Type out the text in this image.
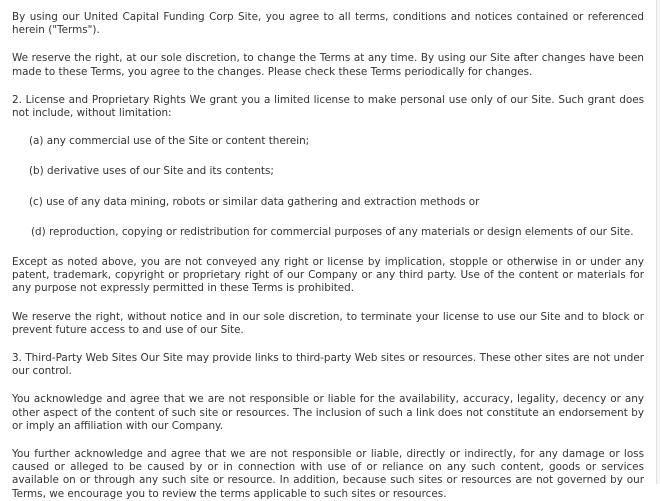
By using our United Capital Funding Corp Site, you agree to all terms, conditions and notices contained or referenced herein ("Terms").

We reserve the right, at our sole discretion, to change the Terms at any time. By using our Site after changes have been made to these Terms, you agree to the changes. Please check these Terms periodically for changes.

2. License and Proprietary Rights We grant you a limited license to make personal use only of our Site. Such grant does not include, without limitation:

(a) any commercial use of the Site or content therein;

(b) derivative uses of our Site and its contents;

(c) use of any data mining, robots or similar data gathering and extraction methods or

(d) reproduction, copying or redistribution for commercial purposes of any materials or design elements of our Site.

Except as noted above, you are not conveyed any right or license by implication, stopple or otherwise in or under any patent, trademark, copyright or proprietary right of our Company or any third party. Use of the content or materials for any purpose not expressly permitted in these Terms is prohibited.

We reserve the right, without notice and in our sole discretion, to terminate your license to use our Site and to block or prevent future access to and use of our Site.

3. Third-Party Web Sites Our Site may provide links to third-party Web sites or resources. These other sites are not under our control.

You acknowledge and agree that we are not responsible or liable for the availability, accuracy, legality, decency or any other aspect of the content of such site or resources. The inclusion of such a link does not constitute an endorsement by or imply an affiliation with our Company.

You further acknowledge and agree that we are not responsible or liable, directly or indirectly, for any damage or loss caused or alleged to be caused by or in connection with use of or reliance on any such content, goods or services available on or through any such site or resource. In addition, because such sites or resources are not governed by our Terms, we encourage you to review the terms applicable to such sites or resources.
